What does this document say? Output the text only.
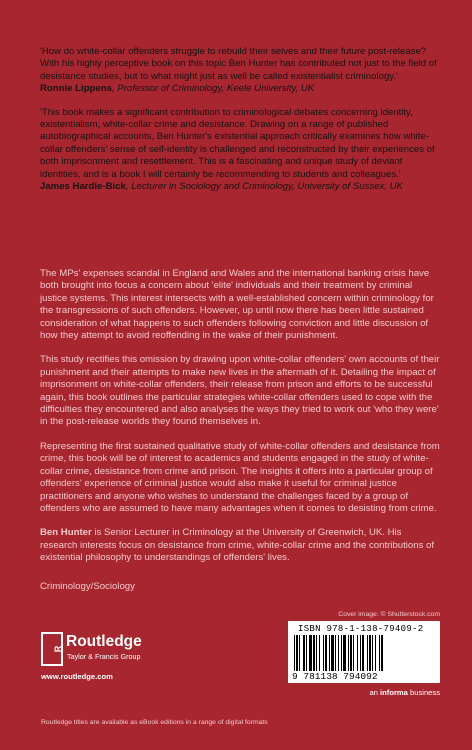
'How do white-collar offenders struggle to rebuild their selves and their future post-release? With his highly perceptive book on this topic Ben Hunter has contributed not just to the field of desistance studies, but to what might just as well be called existentialist criminology.'

Ronnie Lippens, Professor of Criminology, Keele University, UK

'This book makes a significant contribution to criminological debates concerning identity, existentialism, white-collar crime and desistance. Drawing on a range of published autobiographical accounts, Ben Hunter's existential approach critically examines how white-collar offenders' sense of self-identity is challenged and reconstructed by their experiences of both imprisonment and resettlement. This is a fascinating and unique study of deviant identities, and is a book I will certainly be recommending to students and colleagues.'

James Hardie-Bick, Lecturer in Sociology and Criminology, University of Sussex, UK

The MPs' expenses scandal in England and Wales and the international banking crisis have both brought into focus a concern about 'elite' individuals and their treatment by criminal justice systems. This interest intersects with a well-established concern within criminology for the transgressions of such offenders. However, up until now there has been little sustained consideration of what happens to such offenders following conviction and little discussion of how they attempt to avoid reoffending in the wake of their punishment.

This study rectifies this omission by drawing upon white-collar offenders' own accounts of their punishment and their attempts to make new lives in the aftermath of it. Detailing the impact of imprisonment on white-collar offenders, their release from prison and efforts to be successful again, this book outlines the particular strategies white-collar offenders used to cope with the difficulties they encountered and also analyses the ways they tried to work out 'who they were' in the post-release worlds they found themselves in.

Representing the first sustained qualitative study of white-collar offenders and desistance from crime, this book will be of interest to academics and students engaged in the study of white-collar crime, desistance from crime and prison. The insights it offers into a particular group of offenders' experience of criminal justice would also make it useful for criminal justice practitioners and anyone who wishes to understand the challenges faced by a group of offenders who are assumed to have many advantages when it comes to desisting from crime.

Ben Hunter is Senior Lecturer in Criminology at the University of Greenwich, UK. His research interests focus on desistance from crime, white-collar crime and the contributions of existential philosophy to understandings of offenders' lives.

Criminology/Sociology
Cover image: © Shutterstock.com
R Routledge
Taylor & Francis Group
www.routledge.com
ISBN 978-1-138-79409-2
9 781138 794092
an informa business
Routledge titles are available as eBook editions in a range of digital formats
